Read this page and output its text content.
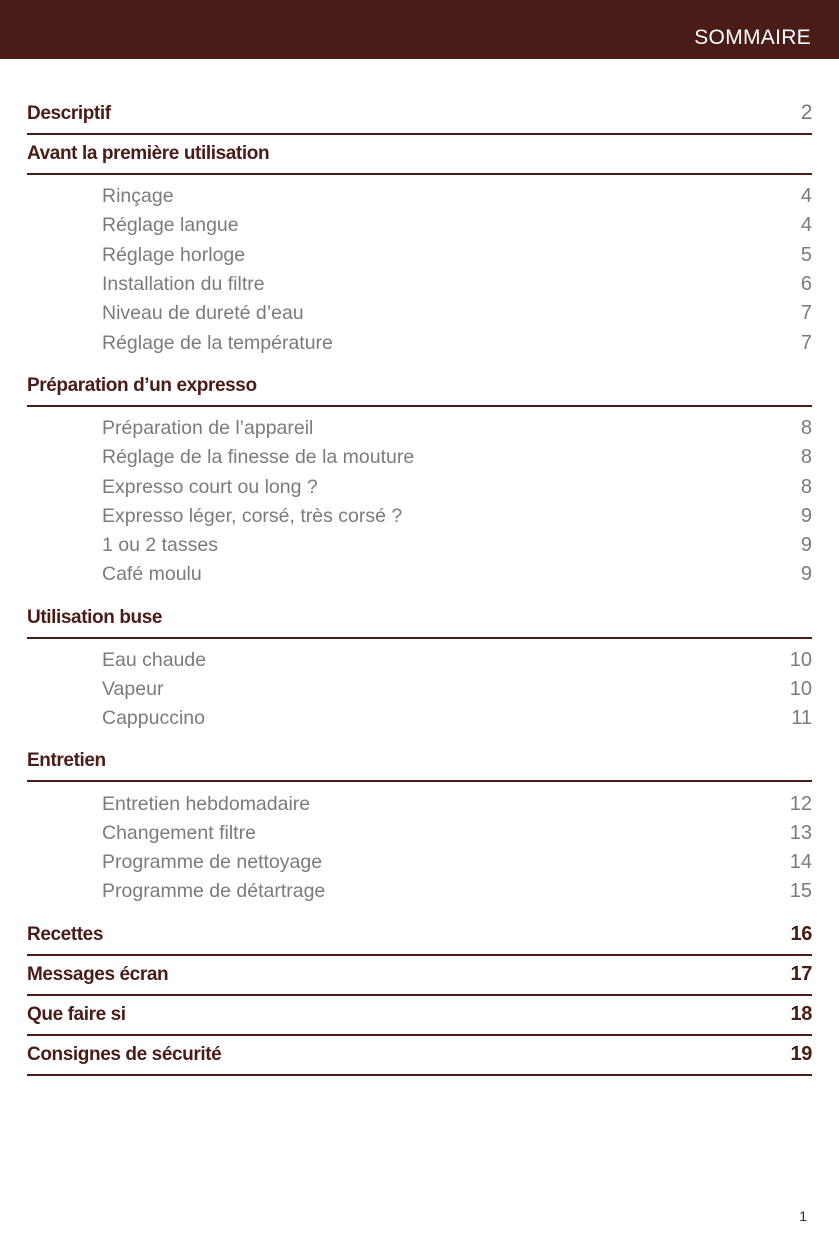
SOMMAIRE
Descriptif	2
Avant la première utilisation
Rinçage	4
Réglage langue	4
Réglage horloge	5
Installation du filtre	6
Niveau de dureté d’eau	7
Réglage de la température	7
Préparation d’un expresso
Préparation de l’appareil	8
Réglage de la finesse de la mouture	8
Expresso court ou long ?	8
Expresso léger, corsé, très corsé ?	9
1 ou 2 tasses	9
Café moulu	9
Utilisation buse
Eau chaude	10
Vapeur	10
Cappuccino	11
Entretien
Entretien hebdomadaire	12
Changement filtre	13
Programme de nettoyage	14
Programme de détartrage	15
Recettes	16
Messages écran	17
Que faire si	18
Consignes de sécurité	19
1
